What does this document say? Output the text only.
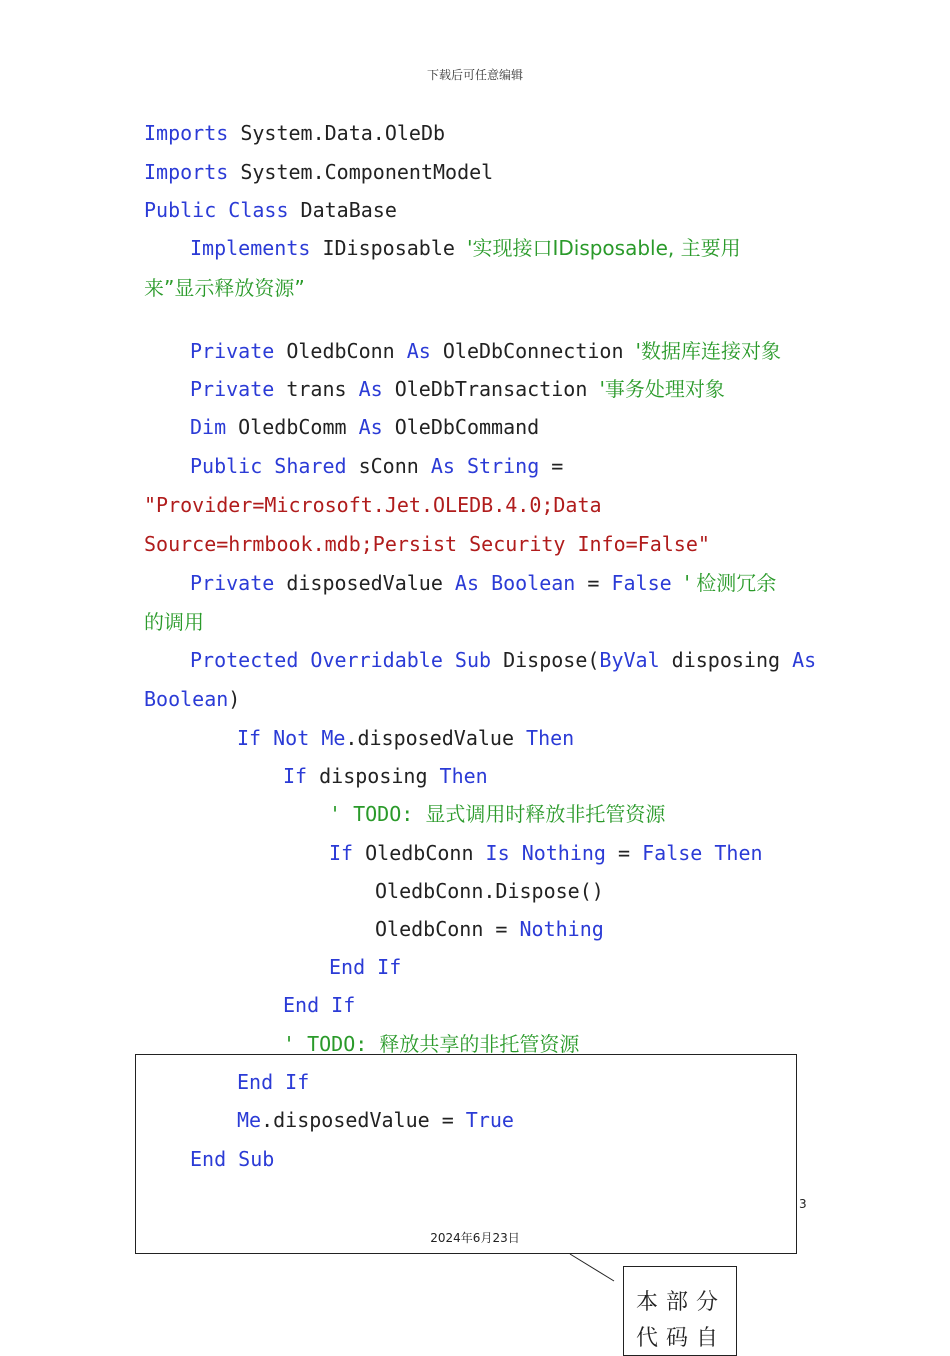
下载后可任意编辑
Imports System.Data.OleDb
Imports System.ComponentModel
Public Class DataBase
Implements IDisposable '实现接口IDisposable, 主要用
来”显示释放资源”
Private OledbConn As OleDbConnection '数据库连接对象
Private trans As OleDbTransaction '事务处理对象
Dim OledbComm As OleDbCommand
Public Shared sConn As String =
"Provider=Microsoft.Jet.OLEDB.4.0;Data
Source=hrmbook.mdb;Persist Security Info=False"
Private disposedValue As Boolean = False  ' 检测冗余
的调用
Protected Overridable Sub Dispose(ByVal disposing As
Boolean)
If Not Me.disposedValue Then
If disposing Then
' TODO: 显式调用时释放非托管资源
If OledbConn Is Nothing = False Then
OledbConn.Dispose()
OledbConn = Nothing
End If
End If
' TODO: 释放共享的非托管资源
End If
Me.disposedValue = True
End Sub
3
2024年6月23日
本部分代码自
